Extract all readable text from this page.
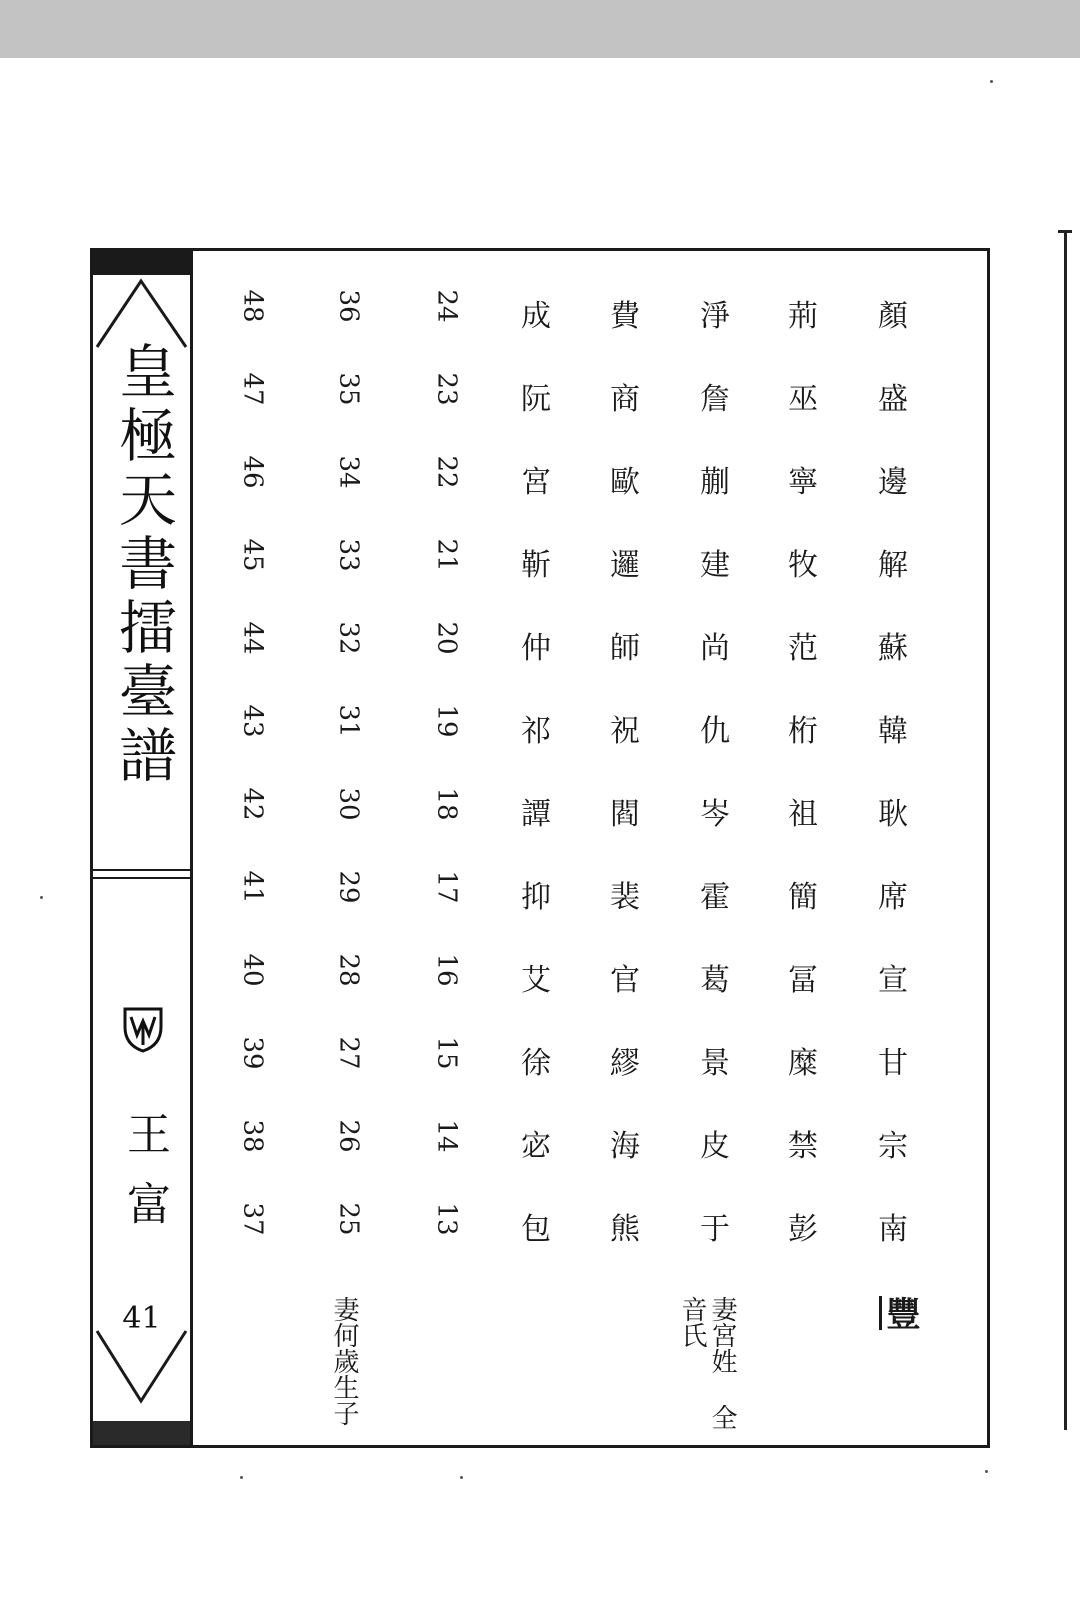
皇極天書擂臺譜
王富
41
顏
盛
邊
解
蘇
韓
耿
席
宣
甘
宗
南
荊
巫
寧
牧
范
桁
祖
簡
冨
糜
禁
彭
淨
詹
蒯
建
尚
仇
岑
霍
葛
景
皮
于
費
商
歐
邏
師
祝
閻
裴
官
繆
海
熊
成
阮
宮
靳
仲
祁
譚
抑
艾
徐
宓
包
24
23
22
21
20
19
18
17
16
15
14
13
36
35
34
33
32
31
30
29
28
27
26
25
48
47
46
45
44
43
42
41
40
39
38
37
豐
妻宮姓 全音氏
妻何歲生子
